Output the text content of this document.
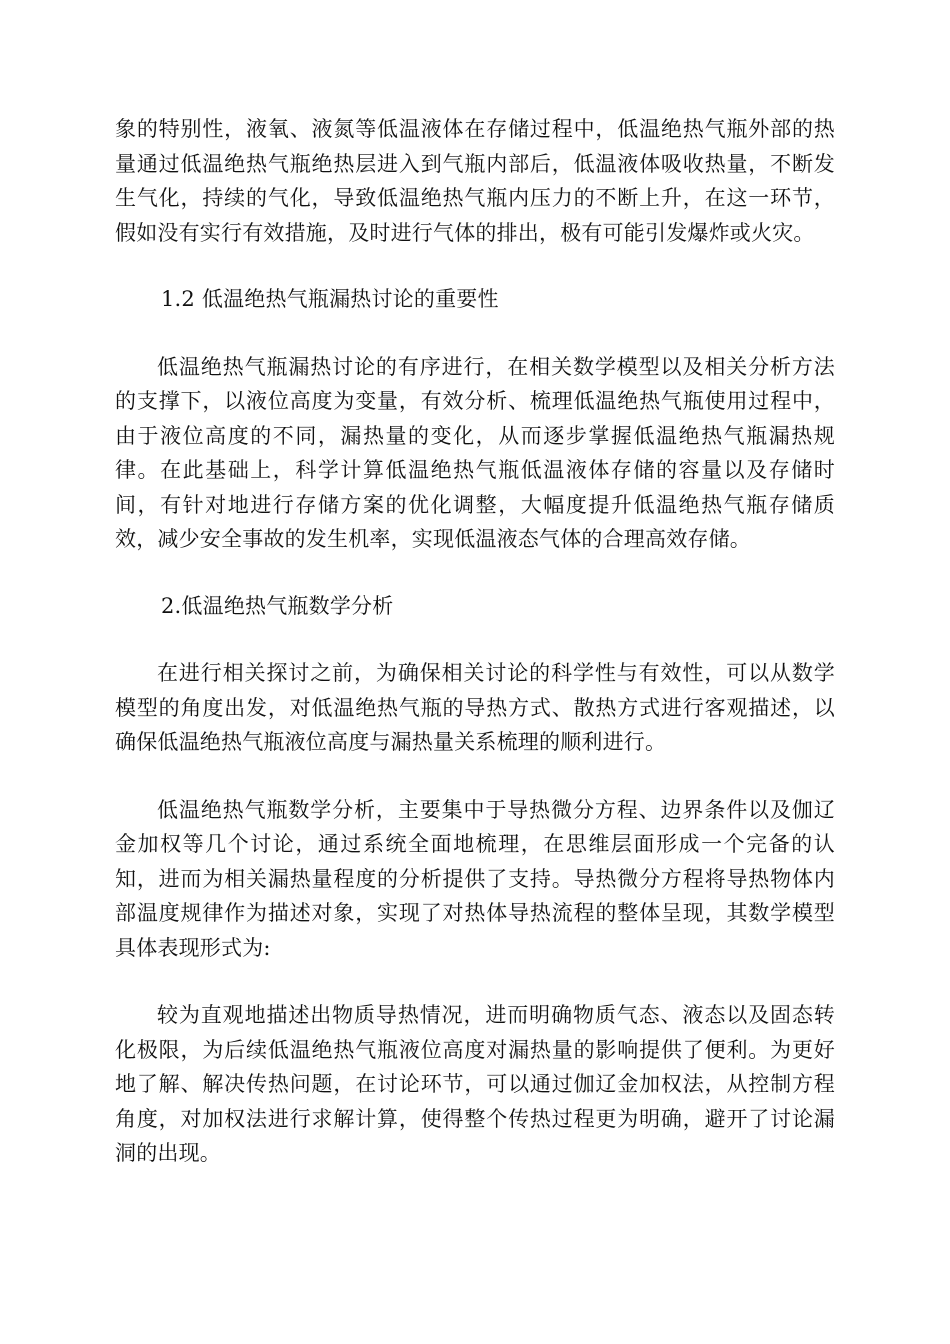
象的特别性，液氧、液氮等低温液体在存储过程中，低温绝热气瓶外部的热量通过低温绝热气瓶绝热层进入到气瓶内部后，低温液体吸收热量，不断发生气化，持续的气化，导致低温绝热气瓶内压力的不断上升，在这一环节，假如没有实行有效措施，及时进行气体的排出，极有可能引发爆炸或火灾。

1.2 低温绝热气瓶漏热讨论的重要性

低温绝热气瓶漏热讨论的有序进行，在相关数学模型以及相关分析方法的支撑下，以液位高度为变量，有效分析、梳理低温绝热气瓶使用过程中，由于液位高度的不同，漏热量的变化，从而逐步掌握低温绝热气瓶漏热规律。在此基础上，科学计算低温绝热气瓶低温液体存储的容量以及存储时间，有针对地进行存储方案的优化调整，大幅度提升低温绝热气瓶存储质效，减少安全事故的发生机率，实现低温液态气体的合理高效存储。

2.低温绝热气瓶数学分析

在进行相关探讨之前，为确保相关讨论的科学性与有效性，可以从数学模型的角度出发，对低温绝热气瓶的导热方式、散热方式进行客观描述，以确保低温绝热气瓶液位高度与漏热量关系梳理的顺利进行。

低温绝热气瓶数学分析，主要集中于导热微分方程、边界条件以及伽辽金加权等几个讨论，通过系统全面地梳理，在思维层面形成一个完备的认知，进而为相关漏热量程度的分析提供了支持。导热微分方程将导热物体内部温度规律作为描述对象，实现了对热体导热流程的整体呈现，其数学模型具体表现形式为:

较为直观地描述出物质导热情况，进而明确物质气态、液态以及固态转化极限，为后续低温绝热气瓶液位高度对漏热量的影响提供了便利。为更好地了解、解决传热问题，在讨论环节，可以通过伽辽金加权法，从控制方程角度，对加权法进行求解计算，使得整个传热过程更为明确，避开了讨论漏洞的出现。
